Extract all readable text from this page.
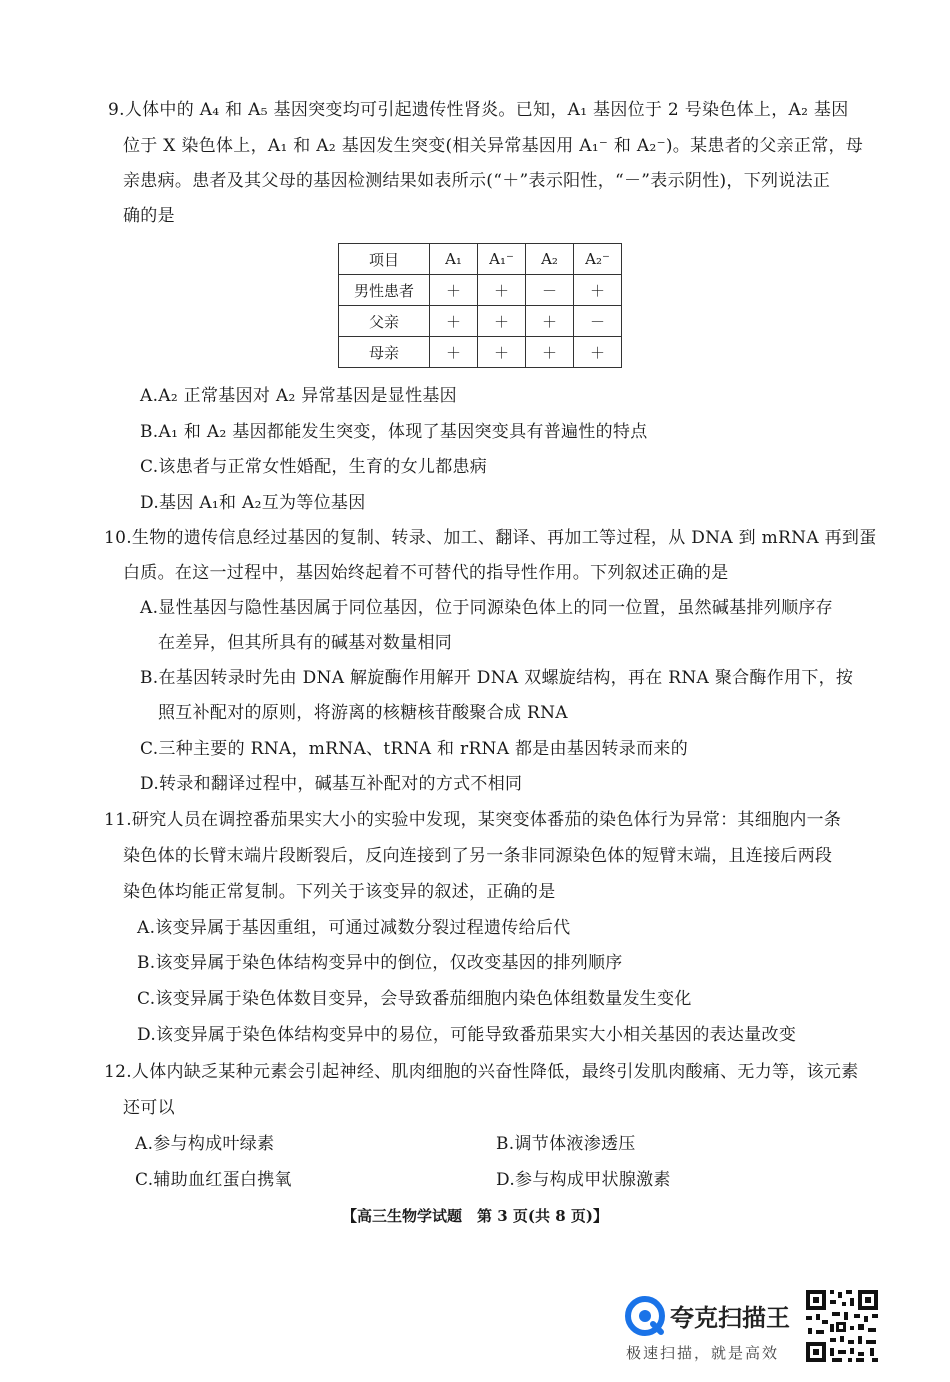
9.人体中的 A₄ 和 A₅ 基因突变均可引起遗传性肾炎。已知，A₁ 基因位于 2 号染色体上，A₂ 基因
位于 X 染色体上，A₁ 和 A₂ 基因发生突变(相关异常基因用 A₁⁻ 和 A₂⁻)。某患者的父亲正常，母
亲患病。患者及其父母的基因检测结果如表所示(“＋”表示阳性，“－”表示阴性)，下列说法正
确的是
项目	A₁	A₁⁻	A₂	A₂⁻
男性患者	＋	＋	－	＋
父亲	＋	＋	＋	－
母亲	＋	＋	＋	＋
A.A₂ 正常基因对 A₂ 异常基因是显性基因
B.A₁ 和 A₂ 基因都能发生突变，体现了基因突变具有普遍性的特点
C.该患者与正常女性婚配，生育的女儿都患病
D.基因 A₁和 A₂互为等位基因
10.生物的遗传信息经过基因的复制、转录、加工、翻译、再加工等过程，从 DNA 到 mRNA 再到蛋
白质。在这一过程中，基因始终起着不可替代的指导性作用。下列叙述正确的是
A.显性基因与隐性基因属于同位基因，位于同源染色体上的同一位置，虽然碱基排列顺序存
在差异，但其所具有的碱基对数量相同
B.在基因转录时先由 DNA 解旋酶作用解开 DNA 双螺旋结构，再在 RNA 聚合酶作用下，按
照互补配对的原则，将游离的核糖核苷酸聚合成 RNA
C.三种主要的 RNA，mRNA、tRNA 和 rRNA 都是由基因转录而来的
D.转录和翻译过程中，碱基互补配对的方式不相同
11.研究人员在调控番茄果实大小的实验中发现，某突变体番茄的染色体行为异常：其细胞内一条
染色体的长臂末端片段断裂后，反向连接到了另一条非同源染色体的短臂末端，且连接后两段
染色体均能正常复制。下列关于该变异的叙述，正确的是
A.该变异属于基因重组，可通过减数分裂过程遗传给后代
B.该变异属于染色体结构变异中的倒位，仅改变基因的排列顺序
C.该变异属于染色体数目变异，会导致番茄细胞内染色体组数量发生变化
D.该变异属于染色体结构变异中的易位，可能导致番茄果实大小相关基因的表达量改变
12.人体内缺乏某种元素会引起神经、肌肉细胞的兴奋性降低，最终引发肌肉酸痛、无力等，该元素
还可以
A.参与构成叶绿素	B.调节体液渗透压
C.辅助血红蛋白携氧	D.参与构成甲状腺激素
【高三生物学试题　第 3 页(共 8 页)】
夸克扫描王
极速扫描，就是高效
